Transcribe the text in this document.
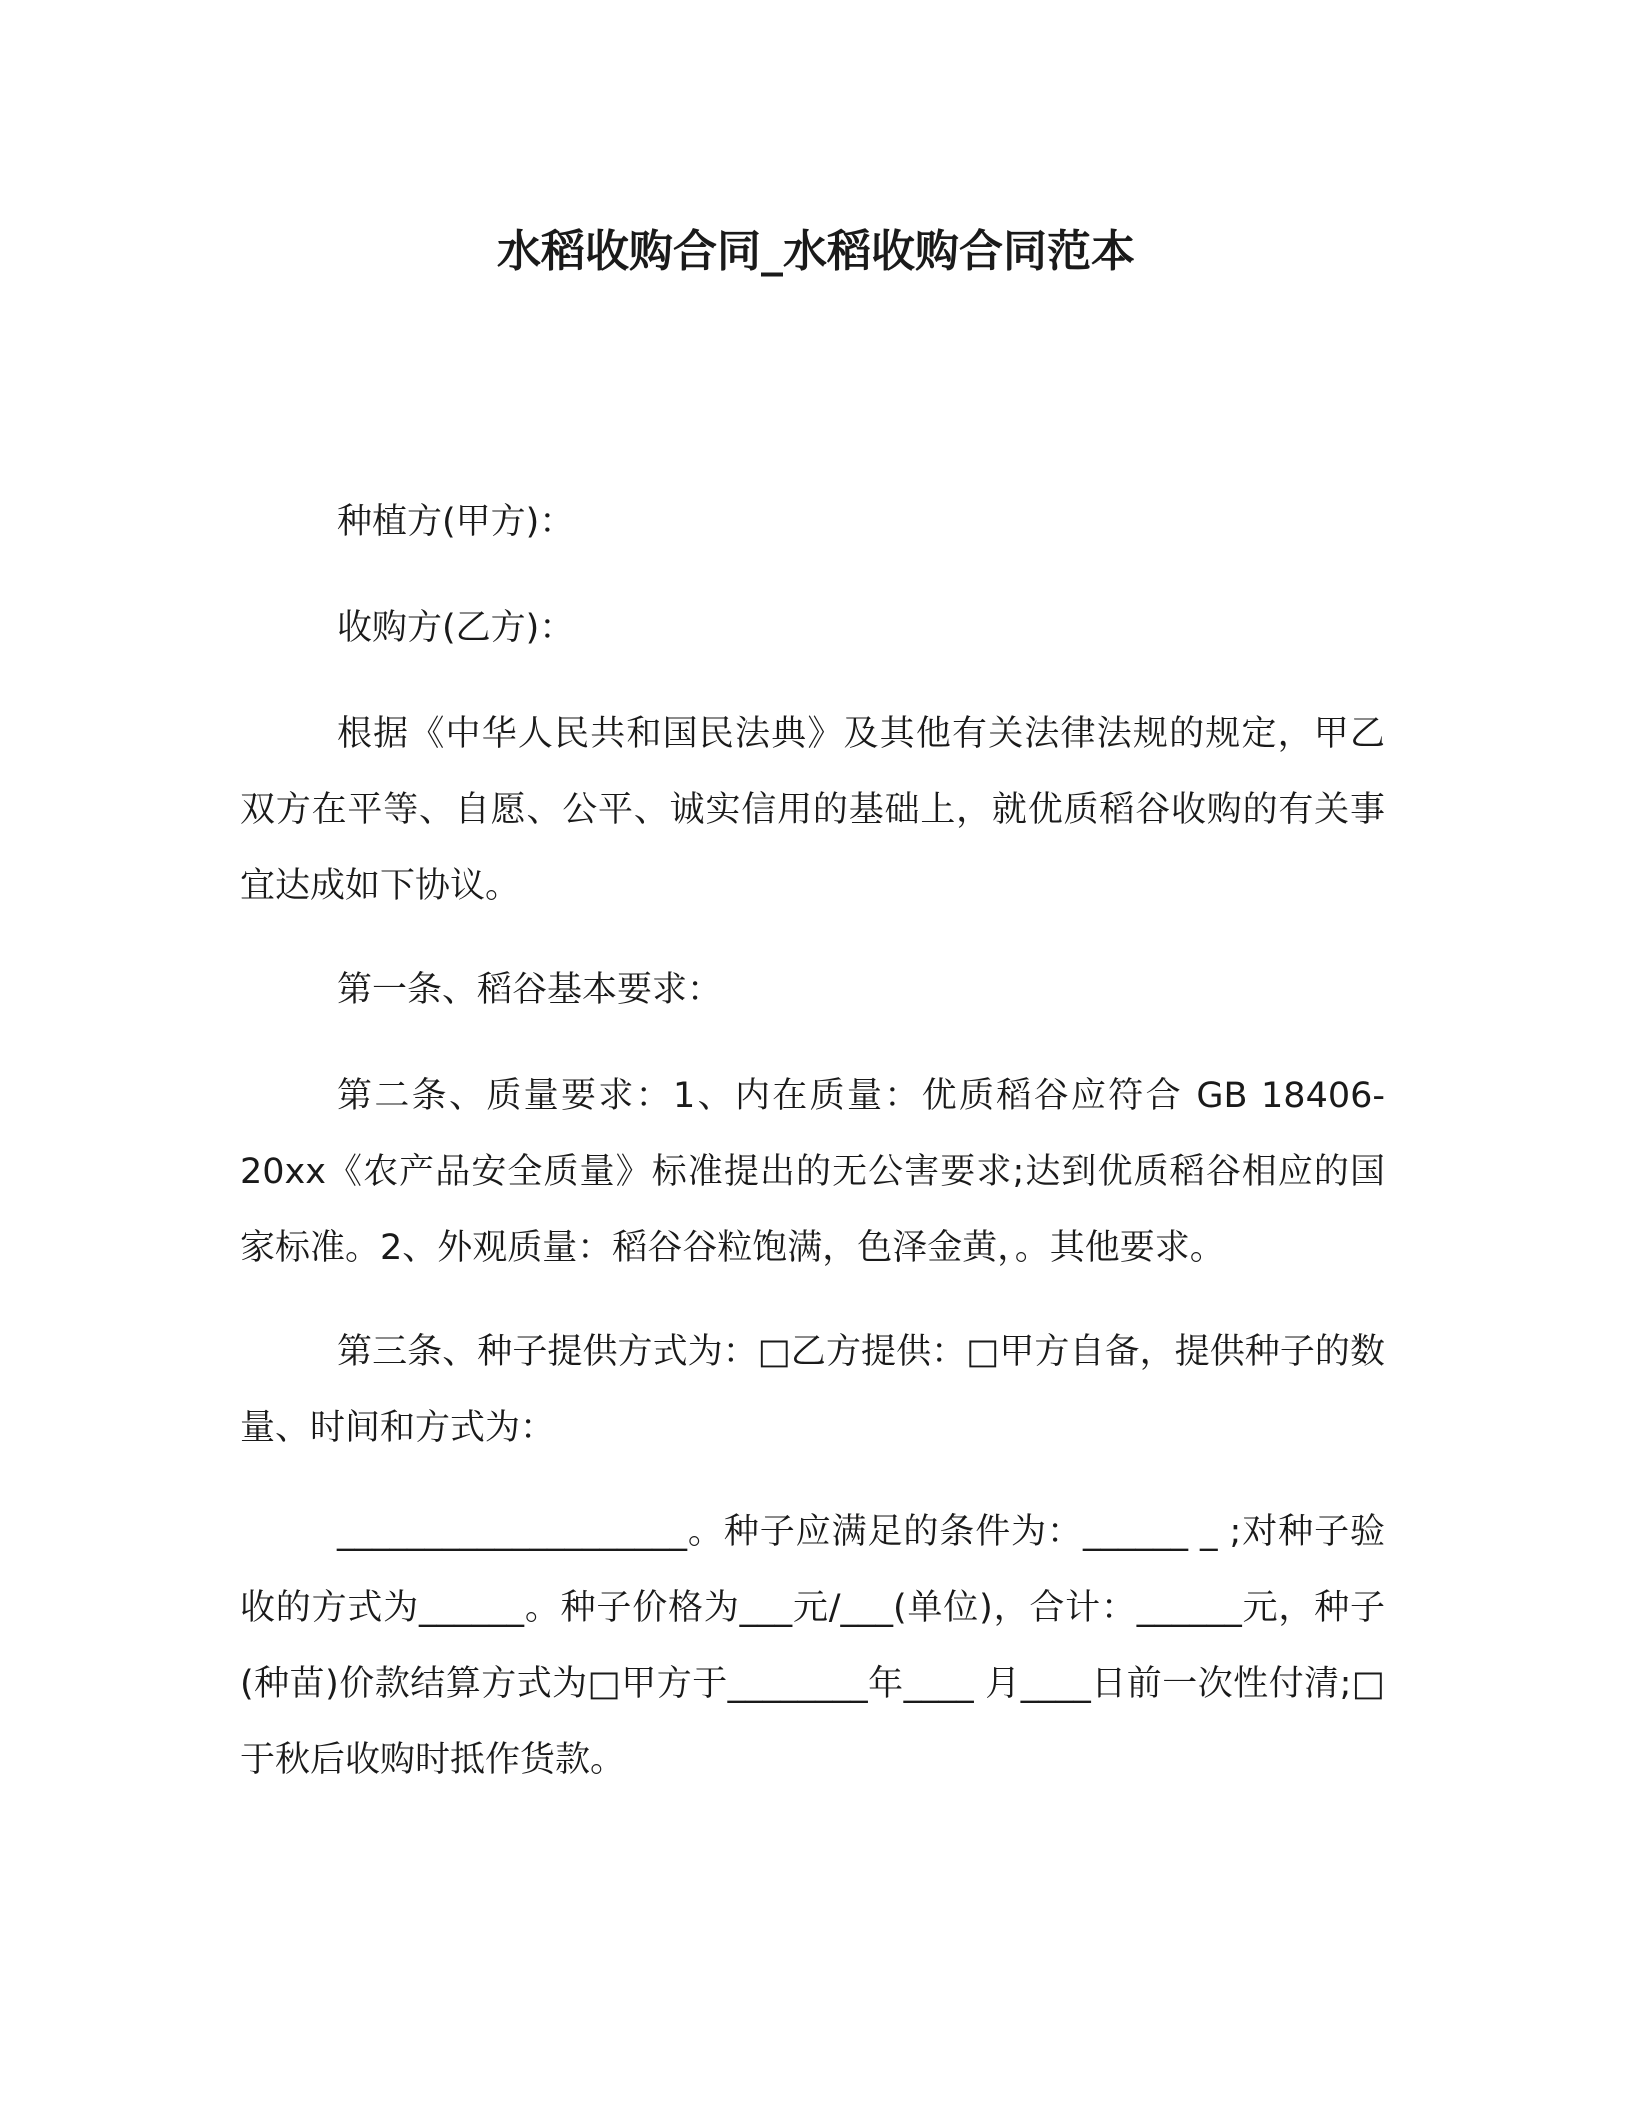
水稻收购合同_水稻收购合同范本

种植方(甲方)：

收购方(乙方)：

根据《中华人民共和国民法典》及其他有关法律法规的规定，甲乙双方在平等、自愿、公平、诚实信用的基础上，就优质稻谷收购的有关事宜达成如下协议。

第一条、稻谷基本要求：

第二条、质量要求：1、内在质量：优质稻谷应符合 GB 18406-20xx《农产品安全质量》标准提出的无公害要求;达到优质稻谷相应的国家标准。2、外观质量：稻谷谷粒饱满，色泽金黄，。其他要求。

第三条、种子提供方式为：□乙方提供：□甲方自备，提供种子的数量、时间和方式为：

____________________。种子应满足的条件为：______ _ ;对种子验收的方式为______。种子价格为___元/___(单位)，合计：______元，种子(种苗)价款结算方式为□甲方于________年____ 月____日前一次性付清;□于秋后收购时抵作货款。
